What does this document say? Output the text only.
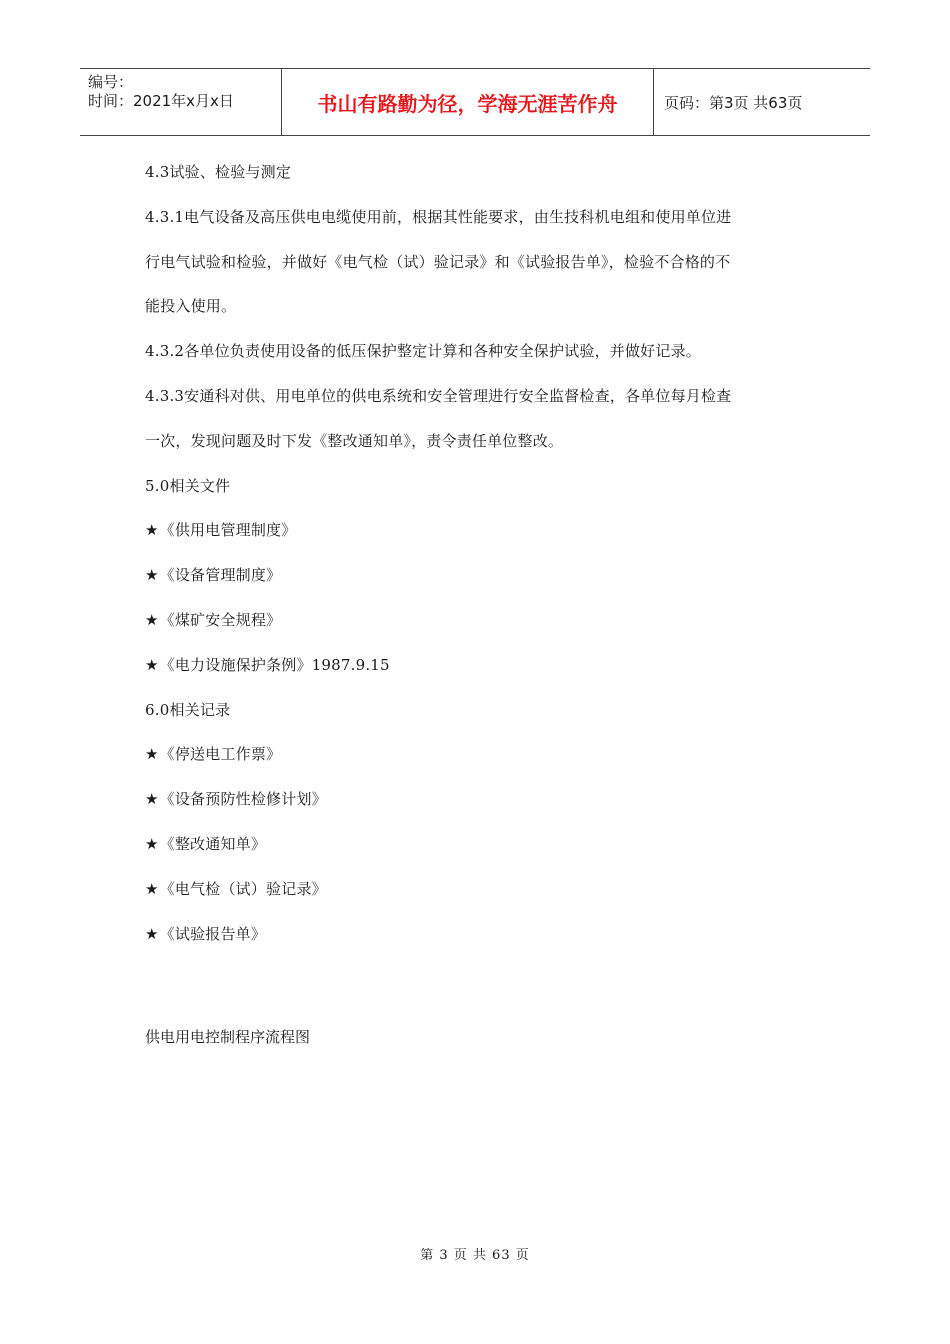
编号：
时间：2021年x月x日	书山有路勤为径，学海无涯苦作舟	页码：第3页 共63页
4.3试验、检验与测定
4.3.1电气设备及高压供电电缆使用前，根据其性能要求，由生技科机电组和使用单位进
行电气试验和检验，并做好《电气检（试）验记录》和《试验报告单》，检验不合格的不
能投入使用。
4.3.2各单位负责使用设备的低压保护整定计算和各种安全保护试验，并做好记录。
4.3.3安通科对供、用电单位的供电系统和安全管理进行安全监督检查，各单位每月检查
一次，发现问题及时下发《整改通知单》，责令责任单位整改。
5.0相关文件
★《供用电管理制度》
★《设备管理制度》
★《煤矿安全规程》
★《电力设施保护条例》1987.9.15
6.0相关记录
★《停送电工作票》
★《设备预防性检修计划》
★《整改通知单》
★《电气检（试）验记录》
★《试验报告单》
供电用电控制程序流程图
第 3 页 共 63 页
